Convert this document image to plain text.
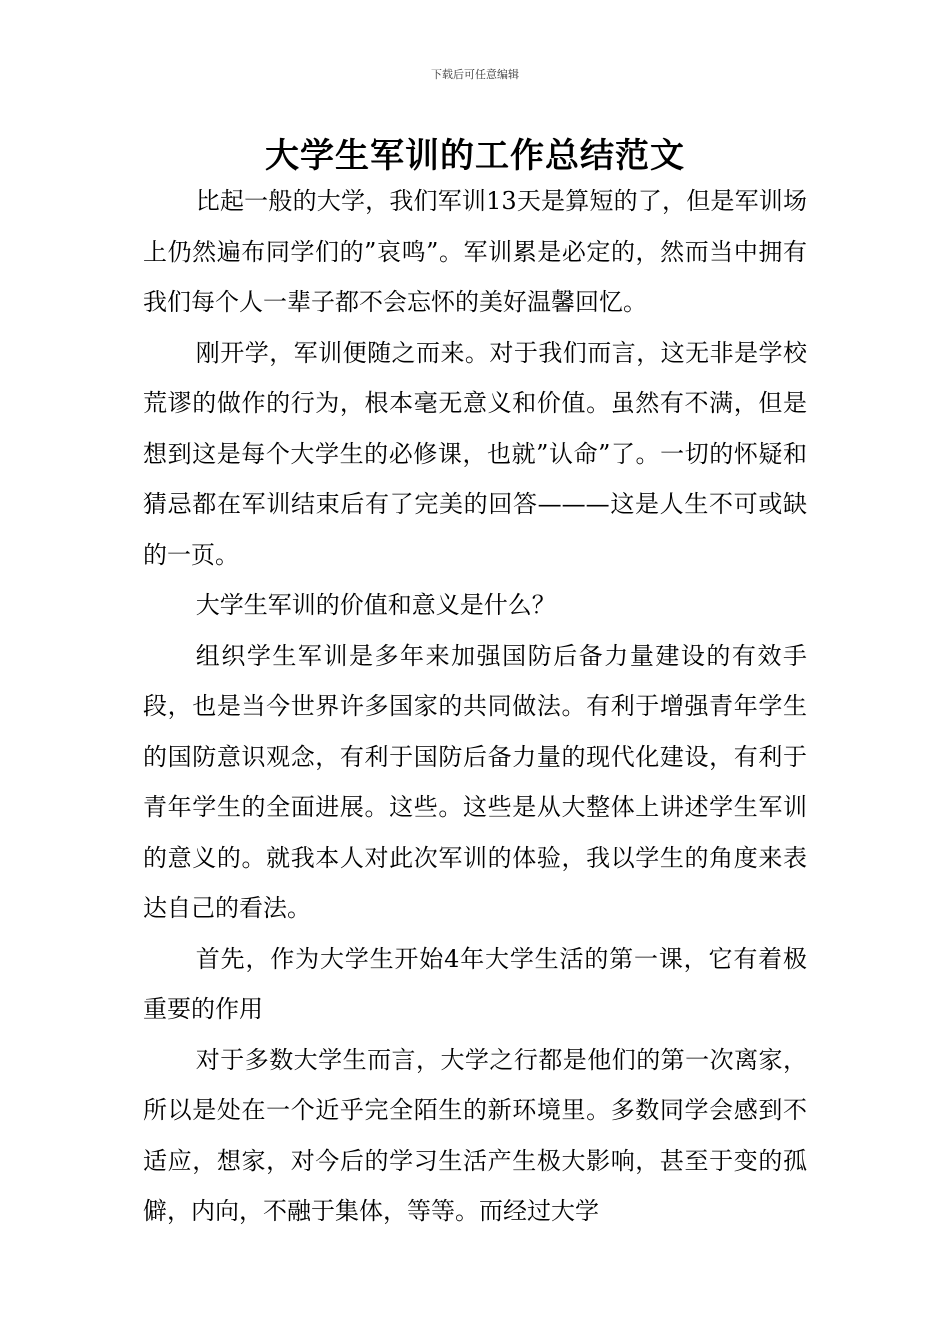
下载后可任意编辑
大学生军训的工作总结范文

比起一般的大学，我们军训13天是算短的了，但是军训场上仍然遍布同学们的”哀鸣”。军训累是必定的，然而当中拥有我们每个人一辈子都不会忘怀的美好温馨回忆。

刚开学，军训便随之而来。对于我们而言，这无非是学校荒谬的做作的行为，根本毫无意义和价值。虽然有不满，但是想到这是每个大学生的必修课，也就”认命”了。一切的怀疑和猜忌都在军训结束后有了完美的回答———这是人生不可或缺的一页。

大学生军训的价值和意义是什么？

组织学生军训是多年来加强国防后备力量建设的有效手段，也是当今世界许多国家的共同做法。有利于增强青年学生的国防意识观念，有利于国防后备力量的现代化建设，有利于青年学生的全面进展。这些。这些是从大整体上讲述学生军训的意义的。就我本人对此次军训的体验，我以学生的角度来表达自己的看法。

首先，作为大学生开始4年大学生活的第一课，它有着极重要的作用

对于多数大学生而言，大学之行都是他们的第一次离家，所以是处在一个近乎完全陌生的新环境里。多数同学会感到不适应，想家，对今后的学习生活产生极大影响，甚至于变的孤僻，内向，不融于集体，等等。而经过大学
